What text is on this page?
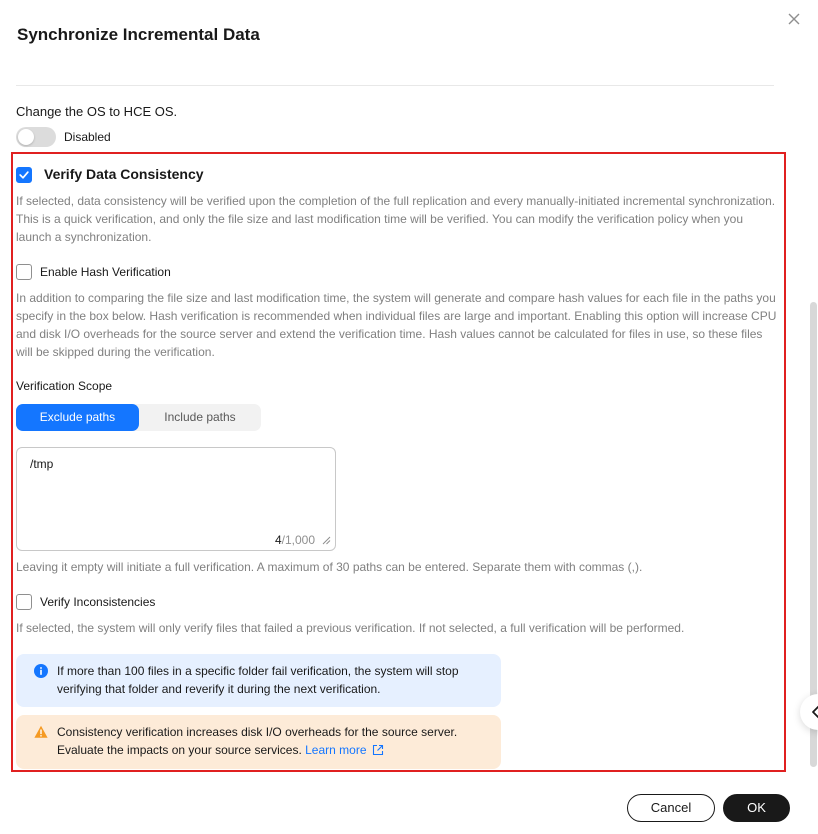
Synchronize Incremental Data
Change the OS to HCE OS.
Disabled
Verify Data Consistency
If selected, data consistency will be verified upon the completion of the full replication and every manually-initiated incremental synchronization. This is a quick verification, and only the file size and last modification time will be verified. You can modify the verification policy when you launch a synchronization.
Enable Hash Verification
In addition to comparing the file size and last modification time, the system will generate and compare hash values for each file in the paths you specify in the box below. Hash verification is recommended when individual files are large and important. Enabling this option will increase CPU and disk I/O overheads for the source server and extend the verification time. Hash values cannot be calculated for files in use, so these files will be skipped during the verification.
Verification Scope
Exclude paths	Include paths
/tmp
4/1,000
Leaving it empty will initiate a full verification. A maximum of 30 paths can be entered. Separate them with commas (,).
Verify Inconsistencies
If selected, the system will only verify files that failed a previous verification. If not selected, a full verification will be performed.
If more than 100 files in a specific folder fail verification, the system will stop verifying that folder and reverify it during the next verification.
Consistency verification increases disk I/O overheads for the source server. Evaluate the impacts on your source services. Learn more
Cancel	OK
